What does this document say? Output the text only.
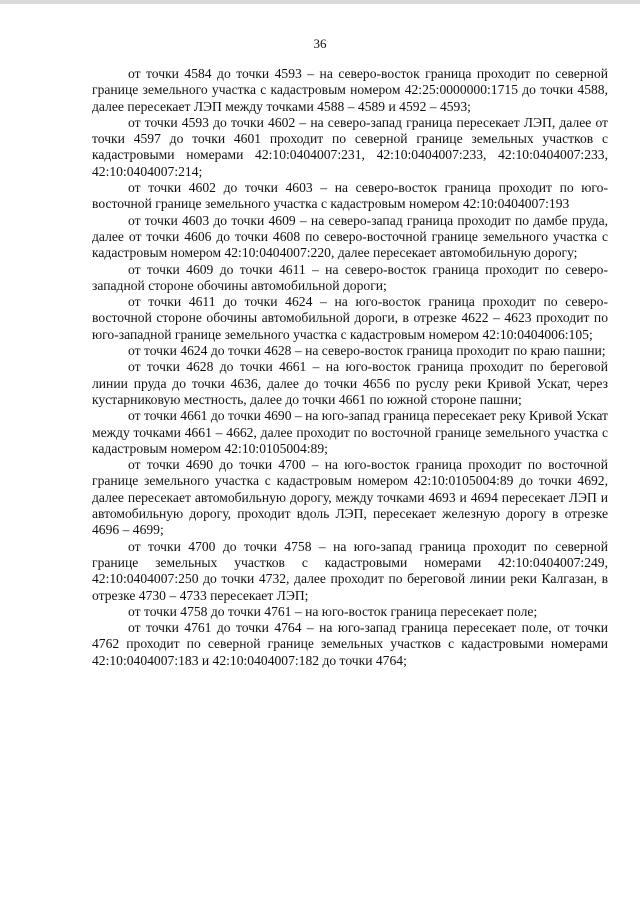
36

от точки 4584 до точки 4593 – на северо-восток граница проходит по северной границе земельного участка с кадастровым номером 42:25:0000000:1715 до точки 4588, далее пересекает ЛЭП между точками 4588 – 4589 и 4592 – 4593;

от точки 4593 до точки 4602 – на северо-запад граница пересекает ЛЭП, далее от точки 4597 до точки 4601 проходит по северной границе земельных участков с кадастровыми номерами 42:10:0404007:231, 42:10:0404007:233, 42:10:0404007:233, 42:10:0404007:214;

от точки 4602 до точки 4603 – на северо-восток граница проходит по юго-восточной границе земельного участка с кадастровым номером 42:10:0404007:193

от точки 4603 до точки 4609 – на северо-запад граница проходит по дамбе пруда, далее от точки 4606 до точки 4608 по северо-восточной границе земельного участка с кадастровым номером 42:10:0404007:220, далее пересекает автомобильную дорогу;

от точки 4609 до точки 4611 – на северо-восток граница проходит по северо-западной стороне обочины автомобильной дороги;

от точки 4611 до точки 4624 – на юго-восток граница проходит по северо-восточной стороне обочины автомобильной дороги, в отрезке 4622 – 4623 проходит по юго-западной границе земельного участка с кадастровым номером 42:10:0404006:105;

от точки 4624 до точки 4628 – на северо-восток граница проходит по краю пашни;

от точки 4628 до точки 4661 – на юго-восток граница проходит по береговой линии пруда до точки 4636, далее до точки 4656 по руслу реки Кривой Ускат, через кустарниковую местность, далее до точки 4661 по южной стороне пашни;

от точки 4661 до точки 4690 – на юго-запад граница пересекает реку Кривой Ускат между точками 4661 – 4662, далее проходит по восточной границе земельного участка с кадастровым номером 42:10:0105004:89;

от точки 4690 до точки 4700 – на юго-восток граница проходит по восточной границе земельного участка с кадастровым номером 42:10:0105004:89 до точки 4692, далее пересекает автомобильную дорогу, между точками 4693 и 4694 пересекает ЛЭП и автомобильную дорогу, проходит вдоль ЛЭП, пересекает железную дорогу в отрезке 4696 – 4699;

от точки 4700 до точки 4758 – на юго-запад граница проходит по северной границе земельных участков с кадастровыми номерами 42:10:0404007:249, 42:10:0404007:250 до точки 4732, далее проходит по береговой линии реки Калгазан, в отрезке 4730 – 4733 пересекает ЛЭП;

от точки 4758 до точки 4761 – на юго-восток граница пересекает поле;

от точки 4761 до точки 4764 – на юго-запад граница пересекает поле, от точки 4762 проходит по северной границе земельных участков с кадастровыми номерами 42:10:0404007:183 и 42:10:0404007:182 до точки 4764;
